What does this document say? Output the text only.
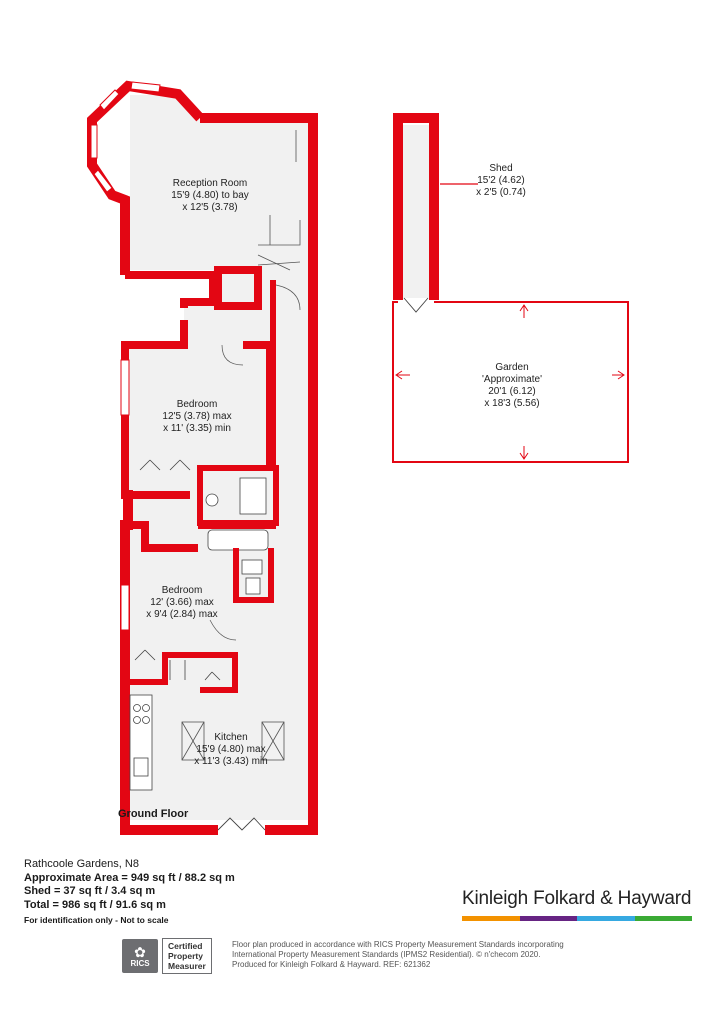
Reception Room
15'9 (4.80) to bay
x 12'5 (3.78)
Bedroom
12'5 (3.78) max
x 11' (3.35) min
Bedroom
12' (3.66) max
x 9'4 (2.84) max
Kitchen
15'9 (4.80) max
x 11'3 (3.43) min
Shed
15'2 (4.62)
x 2'5 (0.74)
Garden
'Approximate'
20'1 (6.12)
x 18'3 (5.56)
Ground Floor
Rathcoole Gardens, N8
Approximate Area = 949 sq ft / 88.2 sq m
Shed = 37 sq ft / 3.4 sq m
Total = 986 sq ft / 91.6 sq m
For identification only - Not to scale
Kinleigh Folkard & Hayward
✿
RICS
Certified
Property
Measurer
Floor plan produced in accordance with RICS Property Measurement Standards incorporating
International Property Measurement Standards (IPMS2 Residential). © n'checom 2020.
Produced for Kinleigh Folkard & Hayward. REF: 621362
